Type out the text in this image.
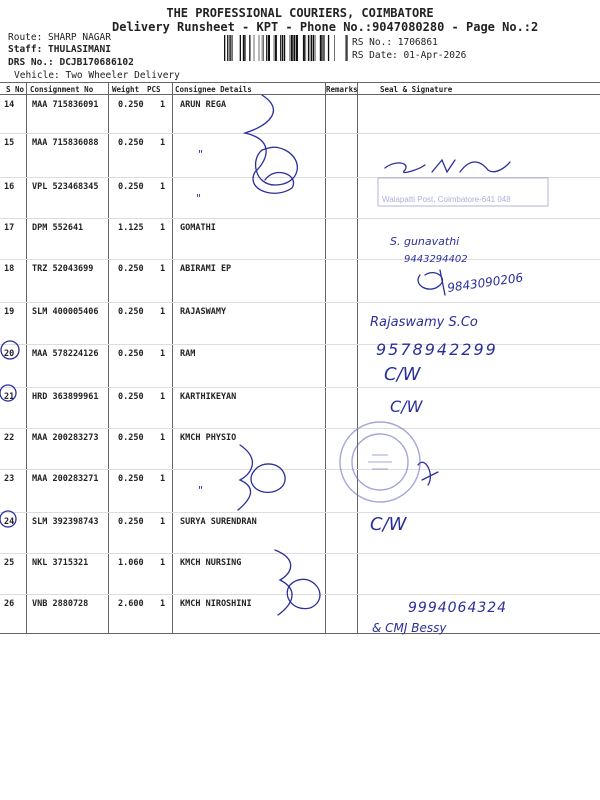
THE PROFESSIONAL COURIERS, COIMBATORE
Delivery Runsheet - KPT - Phone No.:9047080280 - Page No.:2
Route: SHARP NAGAR
Staff: THULASIMANI
DRS No.: DCJB170686102
Vehicle: Two Wheeler Delivery
RS No.: 1706861
RS Date: 01-Apr-2026
S No Consignment No	Weight PCS Consignee Details	Remarks	Seal & Signature
14 MAA 715836091 0.250 1 ARUN REGA
15 MAA 715836088 0.250 1
16 VPL 523468345 0.250 1
17 DPM 552641	1.125 1 GOMATHI
18 TRZ 52043699	0.250 1 ABIRAMI EP
19 SLM 400005406 0.250 1 RAJASWAMY
20 MAA 578224126 0.250 1 RAM
21 HRD 363899961 0.250 1 KARTHIKEYAN
22 MAA 200283273 0.250 1 KMCH PHYSIO
23 MAA 200283271 0.250 1
24 SLM 392398743 0.250 1 SURYA SURENDRAN
25 NKL 3715321	1.060 1 KMCH NURSING
26 VNB 2880728	2.600 1 KMCH NIROSHINI
Walapatti Post, Coimbatore-641 048
"
"
"
S. gunavathi
9443294402
9843090206
Rajaswamy S.Co
9578942299
C/W
C/W
C/W
9994064324
& CMJ Bessy
